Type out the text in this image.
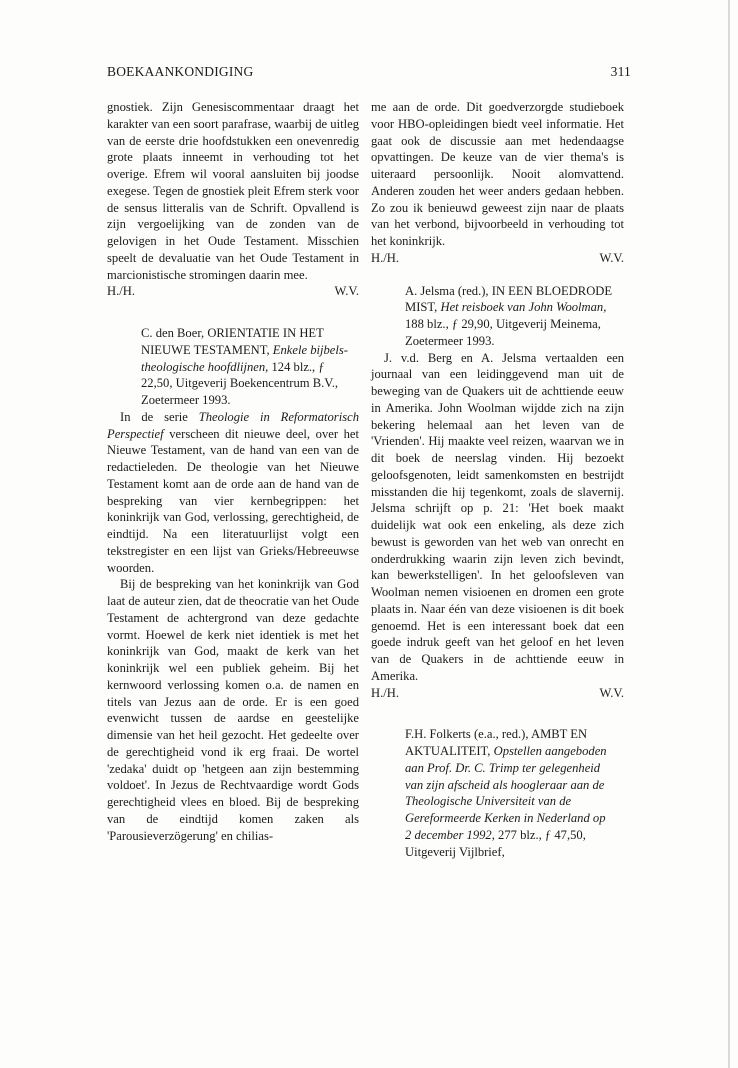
BOEKAANKONDIGING	311

gnostiek. Zijn Genesiscommentaar draagt het karakter van een soort parafrase, waarbij de uitleg van de eerste drie hoofdstukken een onevenredig grote plaats inneemt in verhouding tot het overige. Efrem wil vooral aansluiten bij joodse exegese. Tegen de gnostiek pleit Efrem sterk voor de sensus litteralis van de Schrift. Opvallend is zijn vergoelijking van de zonden van de gelovigen in het Oude Testament. Misschien speelt de devaluatie van het Oude Testament in marcionistische stromingen daarin mee.

H./H.	W.V.
C. den Boer, ORIENTATIE IN HET NIEUWE TESTAMENT, Enkele bijbels-theologische hoofdlijnen, 124 blz., ƒ 22,50, Uitgeverij Boekencentrum B.V., Zoetermeer 1993.

In de serie Theologie in Reformatorisch Perspectief verscheen dit nieuwe deel, over het Nieuwe Testament, van de hand van een van de redactieleden. De theologie van het Nieuwe Testament komt aan de orde aan de hand van de bespreking van vier kernbegrippen: het koninkrijk van God, verlossing, gerechtigheid, de eindtijd. Na een literatuurlijst volgt een tekstregister en een lijst van Grieks/Hebreeuwse woorden.

Bij de bespreking van het koninkrijk van God laat de auteur zien, dat de theocratie van het Oude Testament de achtergrond van deze gedachte vormt. Hoewel de kerk niet identiek is met het koninkrijk van God, maakt de kerk van het koninkrijk wel een publiek geheim. Bij het kernwoord verlossing komen o.a. de namen en titels van Jezus aan de orde. Er is een goed evenwicht tussen de aardse en geestelijke dimensie van het heil gezocht. Het gedeelte over de gerechtigheid vond ik erg fraai. De wortel 'zedaka' duidt op 'hetgeen aan zijn bestemming voldoet'. In Jezus de Rechtvaardige wordt Gods gerechtigheid vlees en bloed. Bij de bespreking van de eindtijd komen zaken als 'Parousieverzögerung' en chilias-

me aan de orde. Dit goedverzorgde studieboek voor HBO-opleidingen biedt veel informatie. Het gaat ook de discussie aan met hedendaagse opvattingen. De keuze van de vier thema's is uiteraard persoonlijk. Nooit alomvattend. Anderen zouden het weer anders gedaan hebben. Zo zou ik benieuwd geweest zijn naar de plaats van het verbond, bijvoorbeeld in verhouding tot het koninkrijk.

H./H.	W.V.
A. Jelsma (red.), IN EEN BLOEDRODE MIST, Het reisboek van John Woolman, 188 blz., ƒ 29,90, Uitgeverij Meinema, Zoetermeer 1993.

J. v.d. Berg en A. Jelsma vertaalden een journaal van een leidinggevend man uit de beweging van de Quakers uit de achttiende eeuw in Amerika. John Woolman wijdde zich na zijn bekering helemaal aan het leven van de 'Vrienden'. Hij maakte veel reizen, waarvan we in dit boek de neerslag vinden. Hij bezoekt geloofsgenoten, leidt samenkomsten en bestrijdt misstanden die hij tegenkomt, zoals de slavernij. Jelsma schrijft op p. 21: 'Het boek maakt duidelijk wat ook een enkeling, als deze zich bewust is geworden van het web van onrecht en onderdrukking waarin zijn leven zich bevindt, kan bewerkstelligen'. In het geloofsleven van Woolman nemen visioenen en dromen een grote plaats in. Naar één van deze visioenen is dit boek genoemd. Het is een interessant boek dat een goede indruk geeft van het geloof en het leven van de Quakers in de achttiende eeuw in Amerika.

H./H.	W.V.
F.H. Folkerts (e.a., red.), AMBT EN AKTUALITEIT, Opstellen aangeboden aan Prof. Dr. C. Trimp ter gelegenheid van zijn afscheid als hoogleraar aan de Theologische Universiteit van de Gereformeerde Kerken in Nederland op 2 december 1992, 277 blz., ƒ 47,50, Uitgeverij Vijlbrief,
